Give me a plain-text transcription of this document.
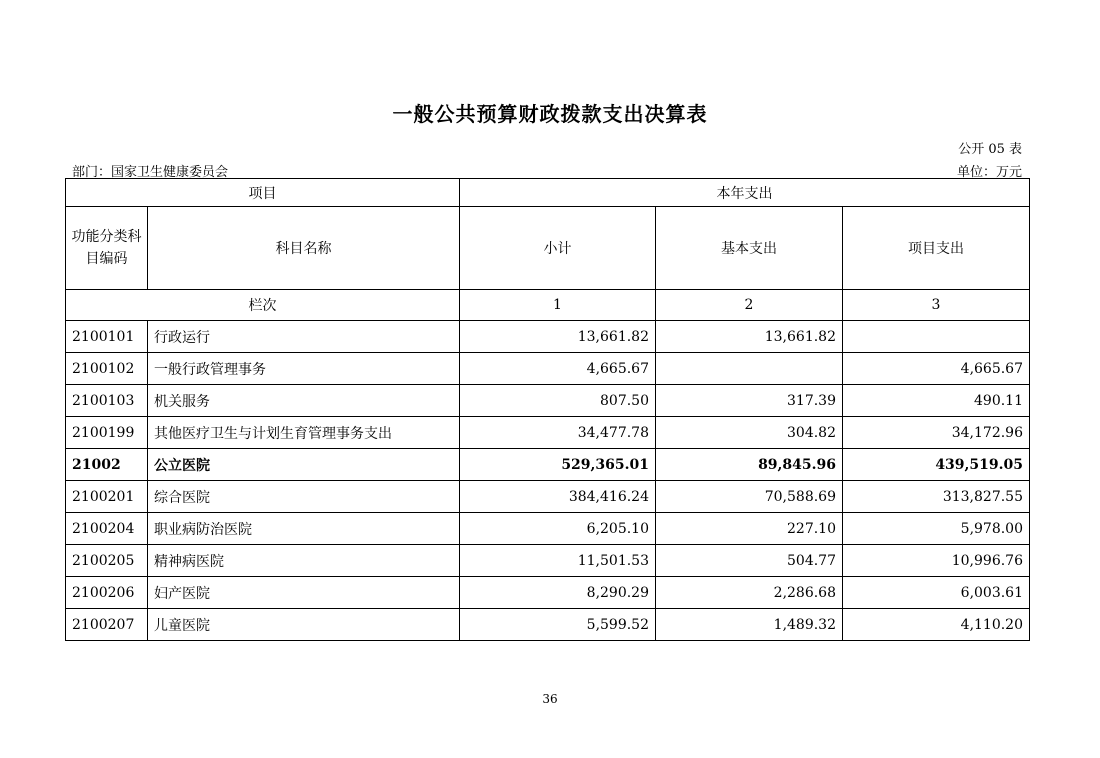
一般公共预算财政拨款支出决算表
公开 05 表
部门：国家卫生健康委员会	单位：万元
项目		本年支出		

功能分类科目编码	科目名称	小计	基本支出	项目支出
栏次		1	2	3
2100101	行政运行	13,661.82	13,661.82	
2100102	一般行政管理事务	4,665.67		4,665.67
2100103	机关服务	807.50	317.39	490.11
2100199	其他医疗卫生与计划生育管理事务支出	34,477.78	304.82	34,172.96
21002	公立医院	529,365.01	89,845.96	439,519.05
2100201	综合医院	384,416.24	70,588.69	313,827.55
2100204	职业病防治医院	6,205.10	227.10	5,978.00
2100205	精神病医院	11,501.53	504.77	10,996.76
2100206	妇产医院	8,290.29	2,286.68	6,003.61
2100207	儿童医院	5,599.52	1,489.32	4,110.20
36
